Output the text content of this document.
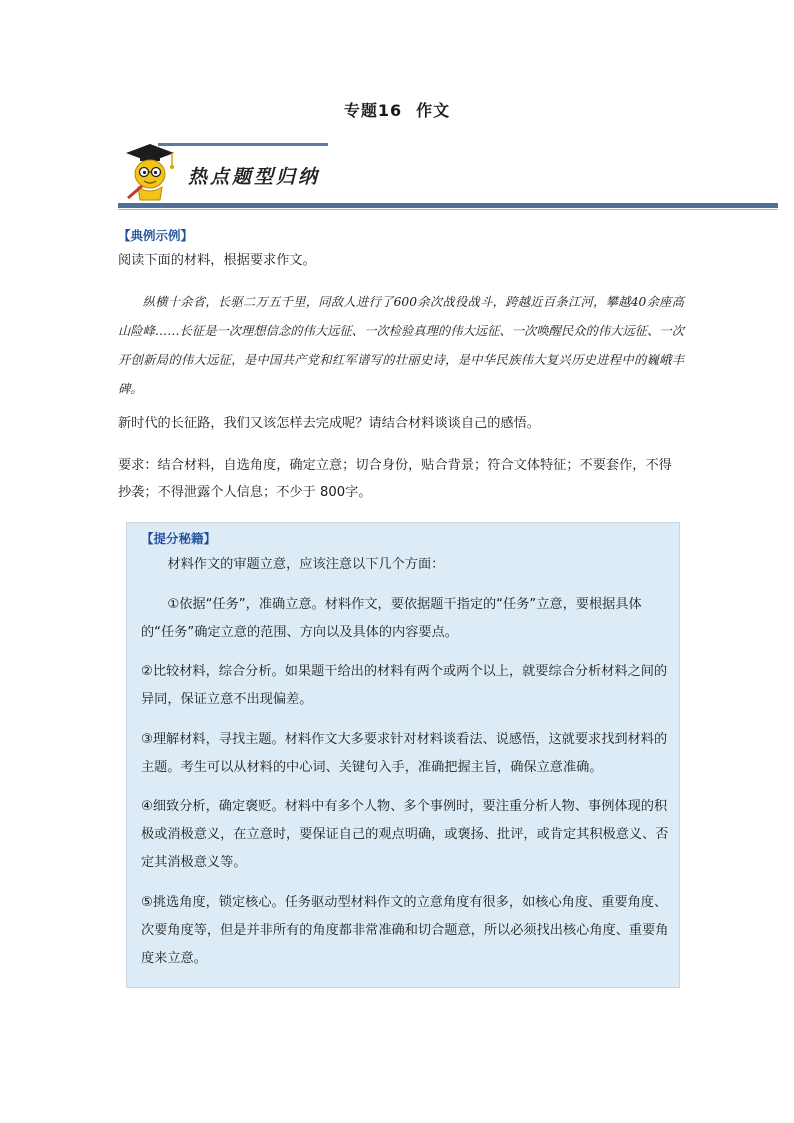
专题16 作文
热点题型归纳
【典例示例】
阅读下面的材料，根据要求作文。
纵横十余省，长驱二万五千里，同敌人进行了600余次战役战斗，跨越近百条江河，攀越40余座高山险峰……长征是一次理想信念的伟大远征、一次检验真理的伟大远征、一次唤醒民众的伟大远征、一次开创新局的伟大远征，是中国共产党和红军谱写的壮丽史诗，是中华民族伟大复兴历史进程中的巍峨丰碑。
新时代的长征路，我们又该怎样去完成呢？请结合材料谈谈自己的感悟。
要求：结合材料，自选角度，确定立意；切合身份，贴合背景；符合文体特征；不要套作，不得抄袭；不得泄露个人信息；不少于 800字。
【提分秘籍】
材料作文的审题立意，应该注意以下几个方面：
①依据“任务”，准确立意。材料作文，要依据题干指定的“任务”立意，要根据具体的“任务”确定立意的范围、方向以及具体的内容要点。
②比较材料，综合分析。如果题干给出的材料有两个或两个以上，就要综合分析材料之间的异同，保证立意不出现偏差。
③理解材料，寻找主题。材料作文大多要求针对材料谈看法、说感悟，这就要求找到材料的主题。考生可以从材料的中心词、关键句入手，准确把握主旨，确保立意准确。
④细致分析，确定褒贬。材料中有多个人物、多个事例时，要注重分析人物、事例体现的积极或消极意义，在立意时，要保证自己的观点明确，或褒扬、批评，或肯定其积极意义、否定其消极意义等。
⑤挑选角度，锁定核心。任务驱动型材料作文的立意角度有很多，如核心角度、重要角度、次要角度等，但是并非所有的角度都非常准确和切合题意，所以必须找出核心角度、重要角度来立意。
